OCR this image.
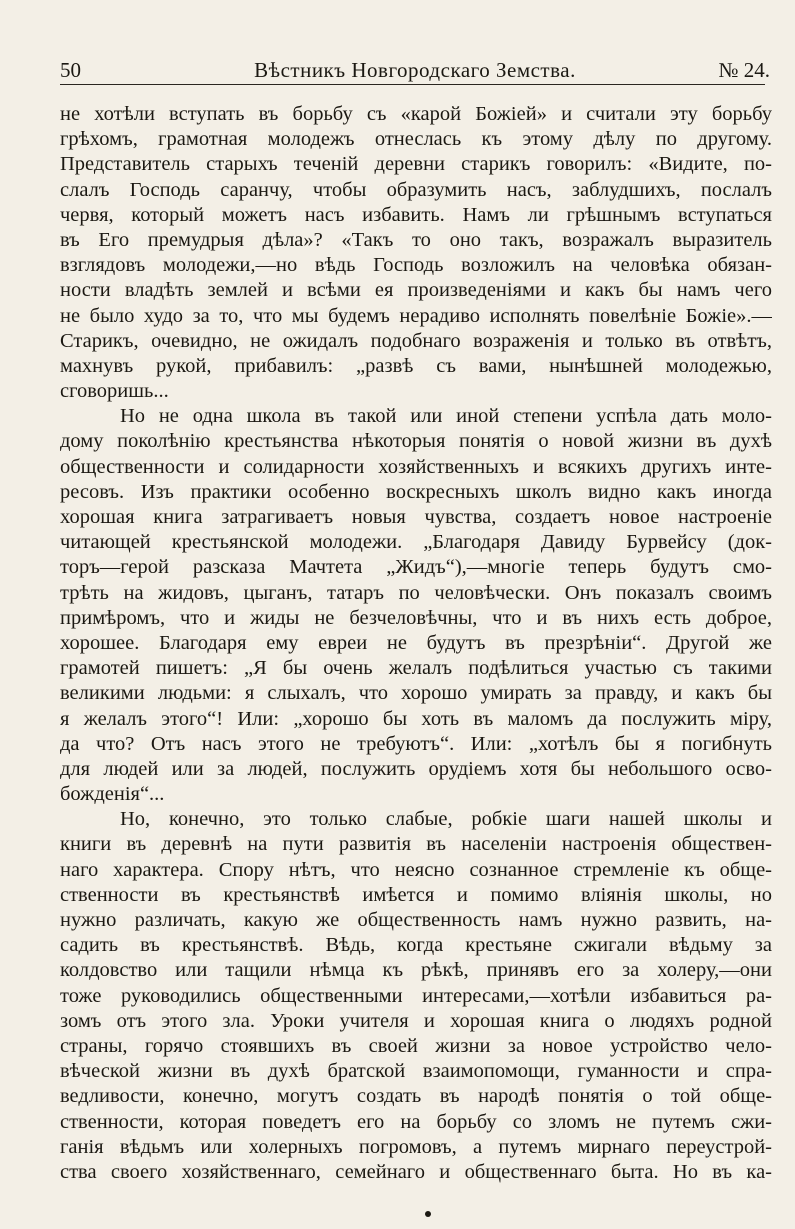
Вѣстникъ Новгородскаго Земства.
50	№ 24.
не хотѣли вступать въ борьбу съ «карой Божiей» и считали эту борьбу
грѣхомъ, грамотная молодежъ отнеслась къ этому дѣлу по другому.
Представитель старыхъ теченiй деревни старикъ говорилъ: «Видите, по-
слалъ Господь саранчу, чтобы образумить насъ, заблудшихъ, послалъ
червя, который можетъ насъ избавить. Намъ ли грѣшнымъ вступаться
въ Его премудрыя дѣла»? «Такъ то оно такъ, возражалъ выразитель
взглядовъ молодежи,—но вѣдь Господь возложилъ на человѣка обязан-
ности владѣть землей и всѣми ея произведенiями и какъ бы намъ чего
не было худо за то, что мы будемъ нерадиво исполнять повелѣнiе Божiе».—
Старикъ, очевидно, не ожидалъ подобнаго возраженiя и только въ отвѣтъ,
махнувъ рукой, прибавилъ: „развѣ съ вами, нынѣшней молодежью,
сговоришь...
Но не одна школа въ такой или иной степени успѣла дать моло-
дому поколѣнiю крестьянства нѣкоторыя понятiя о новой жизни въ духѣ
общественности и солидарности хозяйственныхъ и всякихъ другихъ инте-
ресовъ. Изъ практики особенно воскресныхъ школъ видно какъ иногда
хорошая книга затрагиваетъ новыя чувства, создаетъ новое настроенiе
читающей крестьянской молодежи. „Благодаря Давиду Бурвейсу (док-
торъ—герой разсказа Мачтета „Жидъ“),—многiе теперь будутъ смо-
трѣть на жидовъ, цыганъ, татаръ по человѣчески. Онъ показалъ своимъ
примѣромъ, что и жиды не безчеловѣчны, что и въ нихъ есть доброе,
хорошее. Благодаря ему евреи не будутъ въ презрѣнiи“. Другой же
грамотей пишетъ: „Я бы очень желалъ подѣлиться участью съ такими
великими людьми: я слыхалъ, что хорошо умирать за правду, и какъ бы
я желалъ этого“! Или: „хорошо бы хоть въ маломъ да послужить мiру,
да что? Отъ насъ этого не требуютъ“. Или: „хотѣлъ бы я погибнуть
для людей или за людей, послужить орудiемъ хотя бы небольшого осво-
божденiя“...
Но, конечно, это только слабые, робкiе шаги нашей школы и
книги въ деревнѣ на пути развитiя въ населенiи настроенiя обществен-
наго характера. Спору нѣтъ, что неясно сознанное стремленiе къ обще-
ственности въ крестьянствѣ имѣется и помимо влiянiя школы, но
нужно различать, какую же общественность намъ нужно развить, на-
садить въ крестьянствѣ. Вѣдь, когда крестьяне сжигали вѣдьму за
колдовство или тащили нѣмца къ рѣкѣ, принявъ его за холеру,—они
тоже руководились общественными интересами,—хотѣли избавиться ра-
зомъ отъ этого зла. Уроки учителя и хорошая книга о людяхъ родной
страны, горячо стоявшихъ въ своей жизни за новое устройство чело-
вѣческой жизни въ духѣ братской взаимопомощи, гуманности и спра-
ведливости, конечно, могутъ создать въ народѣ понятiя о той обще-
ственности, которая поведетъ его на борьбу со зломъ не путемъ сжи-
ганiя вѣдьмъ или холерныхъ погромовъ, а путемъ мирнаго переустрой-
ства своего хозяйственнаго, семейнаго и общественнаго быта. Но въ ка-
